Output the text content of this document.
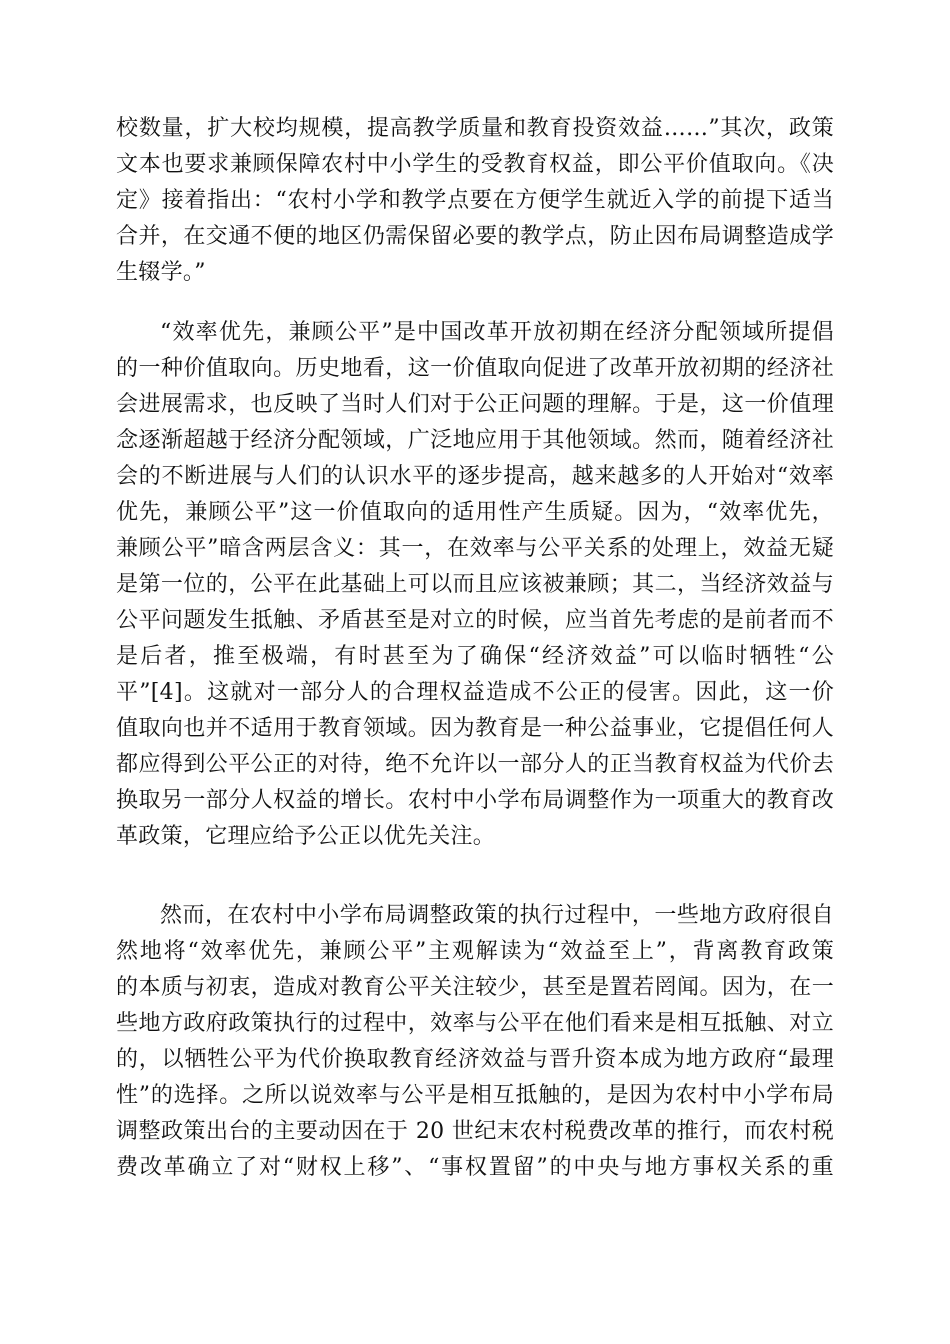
校数量，扩大校均规模，提高教学质量和教育投资效益……”其次，政策
文本也要求兼顾保障农村中小学生的受教育权益，即公平价值取向。《决
定》接着指出：“农村小学和教学点要在方便学生就近入学的前提下适当
合并，在交通不便的地区仍需保留必要的教学点，防止因布局调整造成学
生辍学。”
“效率优先，兼顾公平”是中国改革开放初期在经济分配领域所提倡
的一种价值取向。历史地看，这一价值取向促进了改革开放初期的经济社
会进展需求，也反映了当时人们对于公正问题的理解。于是，这一价值理
念逐渐超越于经济分配领域，广泛地应用于其他领域。然而，随着经济社
会的不断进展与人们的认识水平的逐步提高，越来越多的人开始对“效率
优先，兼顾公平”这一价值取向的适用性产生质疑。因为，“效率优先，
兼顾公平”暗含两层含义：其一，在效率与公平关系的处理上，效益无疑
是第一位的，公平在此基础上可以而且应该被兼顾；其二，当经济效益与
公平问题发生抵触、矛盾甚至是对立的时候，应当首先考虑的是前者而不
是后者，推至极端，有时甚至为了确保“经济效益”可以临时牺牲“公
平”[4]。这就对一部分人的合理权益造成不公正的侵害。因此，这一价
值取向也并不适用于教育领域。因为教育是一种公益事业，它提倡任何人
都应得到公平公正的对待，绝不允许以一部分人的正当教育权益为代价去
换取另一部分人权益的增长。农村中小学布局调整作为一项重大的教育改
革政策，它理应给予公正以优先关注。
然而，在农村中小学布局调整政策的执行过程中，一些地方政府很自
然地将“效率优先，兼顾公平”主观解读为“效益至上”，背离教育政策
的本质与初衷，造成对教育公平关注较少，甚至是置若罔闻。因为，在一
些地方政府政策执行的过程中，效率与公平在他们看来是相互抵触、对立
的，以牺牲公平为代价换取教育经济效益与晋升资本成为地方政府“最理
性”的选择。之所以说效率与公平是相互抵触的，是因为农村中小学布局
调整政策出台的主要动因在于 20 世纪末农村税费改革的推行，而农村税
费改革确立了对“财权上移”、“事权置留”的中央与地方事权关系的重
